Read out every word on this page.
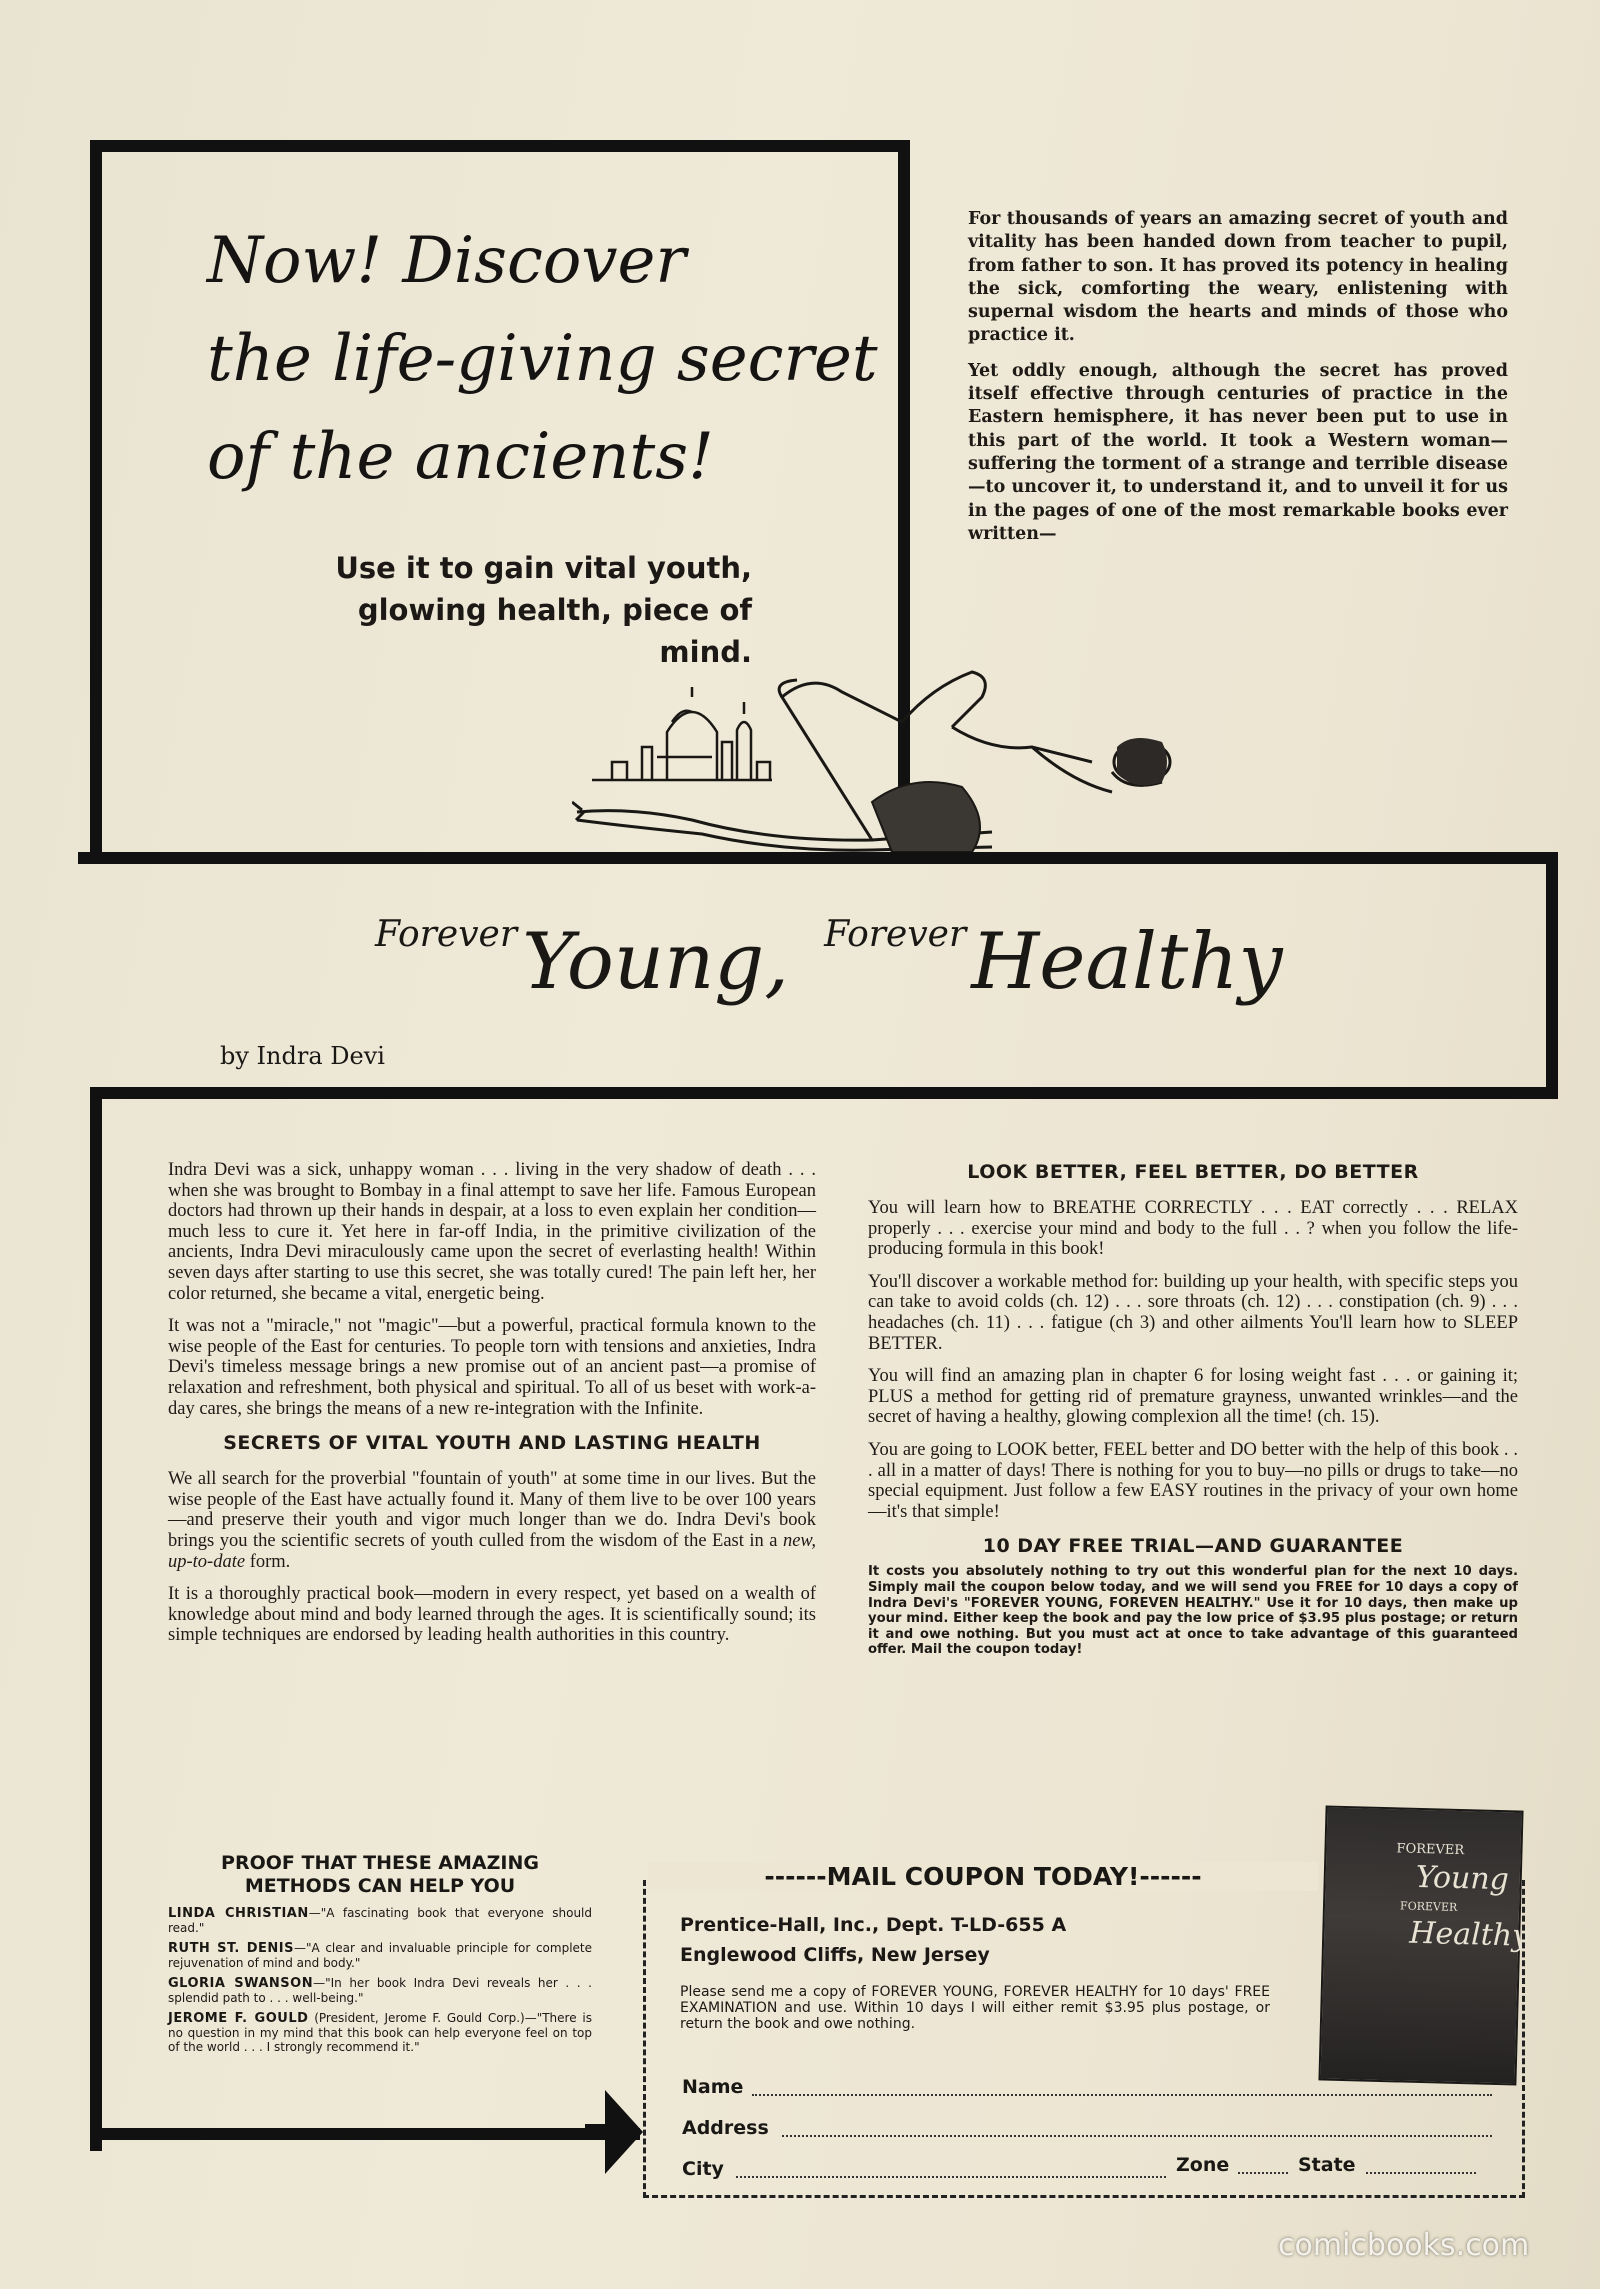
Now! Discover
the life-giving secret
of the ancients!
Use it to gain vital youth,
glowing health, piece of mind.

For thousands of years an amazing secret of youth and vitality has been handed down from teacher to pupil, from father to son. It has proved its potency in healing the sick, comforting the weary, enlistening with supernal wisdom the hearts and minds of those who practice it.

Yet oddly enough, although the secret has proved itself effective through centuries of practice in the Eastern hemisphere, it has never been put to use in this part of the world. It took a Western woman—suffering the torment of a strange and terrible disease—to uncover it, to understand it, and to unveil it for us in the pages of one of the most remarkable books ever written—

Forever Young, Forever Healthy
by Indra Devi

Indra Devi was a sick, unhappy woman . . . living in the very shadow of death . . . when she was brought to Bombay in a final attempt to save her life. Famous European doctors had thrown up their hands in despair, at a loss to even explain her condition—much less to cure it. Yet here in far-off India, in the primitive civilization of the ancients, Indra Devi miraculously came upon the secret of everlasting health! Within seven days after starting to use this secret, she was totally cured! The pain left her, her color returned, she became a vital, energetic being.

It was not a "miracle," not "magic"—but a powerful, practical formula known to the wise people of the East for centuries. To people torn with tensions and anxieties, Indra Devi's timeless message brings a new promise out of an ancient past—a promise of relaxation and refreshment, both physical and spiritual. To all of us beset with work-a-day cares, she brings the means of a new re-integration with the Infinite.

SECRETS OF VITAL YOUTH AND LASTING HEALTH

We all search for the proverbial "fountain of youth" at some time in our lives. But the wise people of the East have actually found it. Many of them live to be over 100 years—and preserve their youth and vigor much longer than we do. Indra Devi's book brings you the scientific secrets of youth culled from the wisdom of the East in a new, up-to-date form.

It is a thoroughly practical book—modern in every respect, yet based on a wealth of knowledge about mind and body learned through the ages. It is scientifically sound; its simple techniques are endorsed by leading health authorities in this country.

LOOK BETTER, FEEL BETTER, DO BETTER

You will learn how to BREATHE CORRECTLY . . . EAT correctly . . . RELAX properly . . . exercise your mind and body to the full . . ? when you follow the life-producing formula in this book!

You'll discover a workable method for: building up your health, with specific steps you can take to avoid colds (ch. 12) . . . sore throats (ch. 12) . . . constipation (ch. 9) . . . headaches (ch. 11) . . . fatigue (ch 3) and other ailments You'll learn how to SLEEP BETTER.

You will find an amazing plan in chapter 6 for losing weight fast . . . or gaining it; PLUS a method for getting rid of premature grayness, unwanted wrinkles—and the secret of having a healthy, glowing complexion all the time! (ch. 15).

You are going to LOOK better, FEEL better and DO better with the help of this book . . . all in a matter of days! There is nothing for you to buy—no pills or drugs to take—no special equipment. Just follow a few EASY routines in the privacy of your own home—it's that simple!

10 DAY FREE TRIAL—AND GUARANTEE
It costs you absolutely nothing to try out this wonderful plan for the next 10 days. Simply mail the coupon below today, and we will send you FREE for 10 days a copy of Indra Devi's "FOREVER YOUNG, FOREVEN HEALTHY." Use it for 10 days, then make up your mind. Either keep the book and pay the low price of $3.95 plus postage; or return it and owe nothing. But you must act at once to take advantage of this guaranteed offer. Mail the coupon today!
PROOF THAT THESE AMAZING METHODS CAN HELP YOU
LINDA CHRISTIAN—"A fascinating book that everyone should read."
RUTH ST. DENIS—"A clear and invaluable principle for complete rejuvenation of mind and body."
GLORIA SWANSON—"In her book Indra Devi reveals her . . . splendid path to . . . well-being."
JEROME F. GOULD (President, Jerome F. Gould Corp.)—"There is no question in my mind that this book can help everyone feel on top of the world . . . I strongly recommend it."
FOREVER
Young
FOREVER
Healthy
------MAIL COUPON TODAY!------
Prentice-Hall, Inc., Dept. T-LD-655 A
Englewood Cliffs, New Jersey
Please send me a copy of FOREVER YOUNG, FOREVER HEALTHY for 10 days' FREE EXAMINATION and use. Within 10 days I will either remit $3.95 plus postage, or return the book and owe nothing.
Name
Address
City	Zone	State
comicbooks.com
